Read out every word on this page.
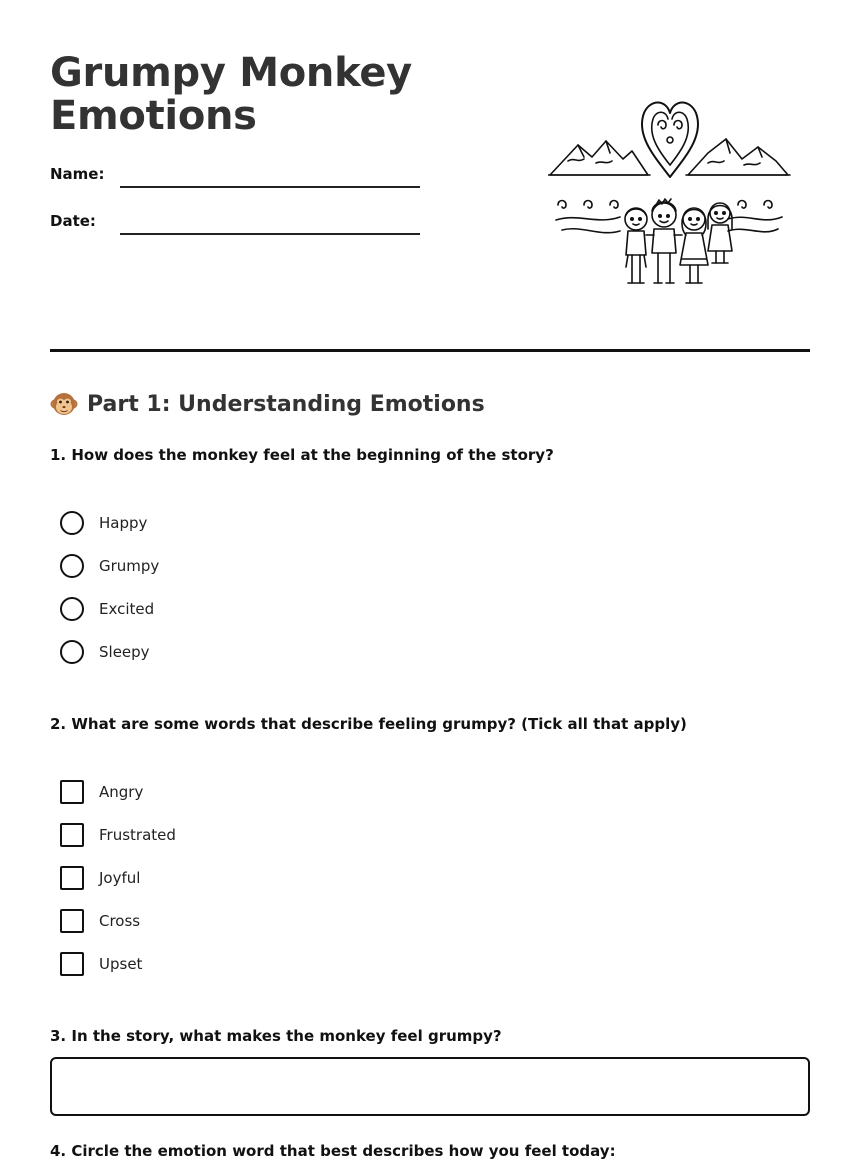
Grumpy Monkey
Emotions
Name:
Date:
Part 1: Understanding Emotions

1. How does the monkey feel at the beginning of the story?

Happy
Grumpy
Excited
Sleepy

2. What are some words that describe feeling grumpy? (Tick all that apply)

Angry
Frustrated
Joyful
Cross
Upset

3. In the story, what makes the monkey feel grumpy?

4. Circle the emotion word that best describes how you feel today:
